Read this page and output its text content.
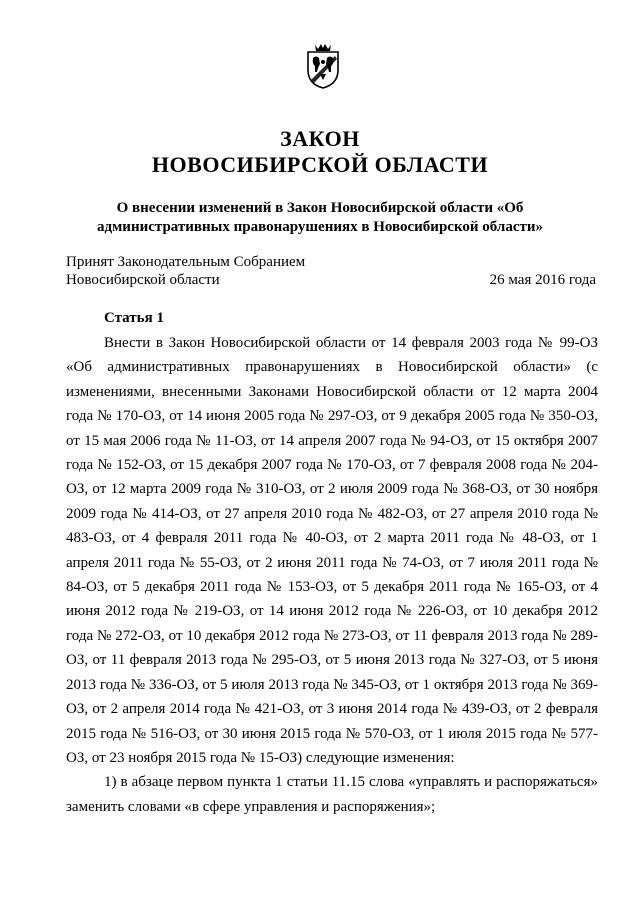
ЗАКОН
НОВОСИБИРСКОЙ ОБЛАСТИ
О внесении изменений в Закон Новосибирской области «Об административных правонарушениях в Новосибирской области»
Принят Законодательным Собранием
Новосибирской области	26 мая 2016 года
Статья 1

Внести в Закон Новосибирской области от 14 февраля 2003 года № 99-ОЗ «Об административных правонарушениях в Новосибирской области» (с изменениями, внесенными Законами Новосибирской области от 12 марта 2004 года № 170-ОЗ, от 14 июня 2005 года № 297-ОЗ, от 9 декабря 2005 года № 350-ОЗ, от 15 мая 2006 года № 11-ОЗ, от 14 апреля 2007 года № 94-ОЗ, от 15 октября 2007 года № 152-ОЗ, от 15 декабря 2007 года № 170-ОЗ, от 7 февраля 2008 года № 204-ОЗ, от 12 марта 2009 года № 310-ОЗ, от 2 июля 2009 года № 368-ОЗ, от 30 ноября 2009 года № 414-ОЗ, от 27 апреля 2010 года № 482-ОЗ, от 27 апреля 2010 года № 483-ОЗ, от 4 февраля 2011 года № 40-ОЗ, от 2 марта 2011 года № 48-ОЗ, от 1 апреля 2011 года № 55-ОЗ, от 2 июня 2011 года № 74-ОЗ, от 7 июля 2011 года № 84-ОЗ, от 5 декабря 2011 года № 153-ОЗ, от 5 декабря 2011 года № 165-ОЗ, от 4 июня 2012 года № 219-ОЗ, от 14 июня 2012 года № 226-ОЗ, от 10 декабря 2012 года № 272-ОЗ, от 10 декабря 2012 года № 273-ОЗ, от 11 февраля 2013 года № 289-ОЗ, от 11 февраля 2013 года № 295-ОЗ, от 5 июня 2013 года № 327-ОЗ, от 5 июня 2013 года № 336-ОЗ, от 5 июля 2013 года № 345-ОЗ, от 1 октября 2013 года № 369-ОЗ, от 2 апреля 2014 года № 421-ОЗ, от 3 июня 2014 года № 439-ОЗ, от 2 февраля 2015 года № 516-ОЗ, от 30 июня 2015 года № 570-ОЗ, от 1 июля 2015 года № 577-ОЗ, от 23 ноября 2015 года № 15-ОЗ) следующие изменения:

1) в абзаце первом пункта 1 статьи 11.15 слова «управлять и распоряжаться» заменить словами «в сфере управления и распоряжения»;
